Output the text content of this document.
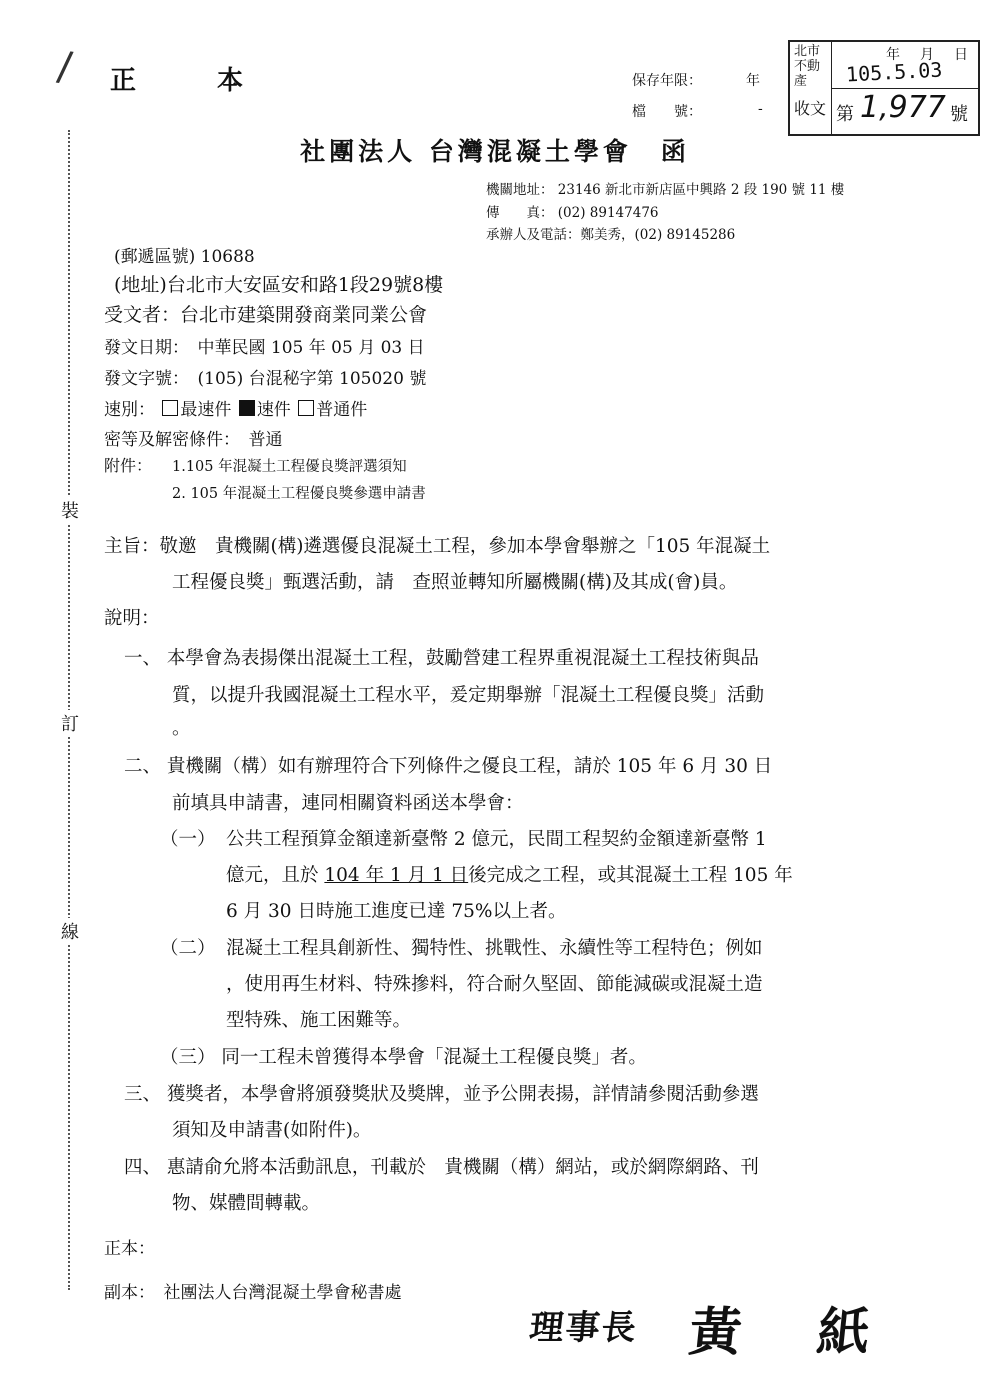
/ 正 本	保存年限：	年
檔　　號：	-
北市不動產

收文
年　月　日
105.5.03
第 1,977 號
社團法人 台灣混凝土學會　函
機關地址： 23146 新北市新店區中興路 2 段 190 號 11 樓
傳　　真： (02) 89147476
承辦人及電話：鄭美秀，(02) 89145286
(郵遞區號) 10688
(地址)台北市大安區安和路1段29號8樓
受文者：台北市建築開發商業同業公會
發文日期：　中華民國 105 年 05 月 03 日
發文字號：　(105) 台混秘字第 105020 號
速別： 最速件 速件 普通件
密等及解密條件：　普通
附件： 1.105 年混凝土工程優良獎評選須知
2. 105 年混凝土工程優良獎參選申請書
裝
訂
線
主旨：敬邀　貴機關(構)遴選優良混凝土工程，參加本學會舉辦之「105 年混凝土
工程優良獎」甄選活動，請　查照並轉知所屬機關(構)及其成(會)員。
說明：
一、 本學會為表揚傑出混凝土工程，鼓勵營建工程界重視混凝土工程技術與品
質，以提升我國混凝土工程水平，爰定期舉辦「混凝土工程優良獎」活動
。
二、 貴機關（構）如有辦理符合下列條件之優良工程，請於 105 年 6 月 30 日
前填具申請書，連同相關資料函送本學會：
（一） 公共工程預算金額達新臺幣 2 億元，民間工程契約金額達新臺幣 1
億元，且於 104 年 1 月 1 日後完成之工程，或其混凝土工程 105 年
6 月 30 日時施工進度已達 75%以上者。
（二） 混凝土工程具創新性、獨特性、挑戰性、永續性等工程特色；例如
，使用再生材料、特殊摻料，符合耐久堅固、節能減碳或混凝土造
型特殊、施工困難等。
（三） 同一工程未曾獲得本學會「混凝土工程優良獎」者。
三、 獲獎者，本學會將頒發獎狀及獎牌，並予公開表揚，詳情請參閱活動參選
須知及申請書(如附件)。
四、 惠請俞允將本活動訊息，刊載於　貴機關（構）網站，或於網際網路、刊
物、媒體間轉載。
正本：
副本：　社團法人台灣混凝土學會秘書處
理事長 黃　 紙
